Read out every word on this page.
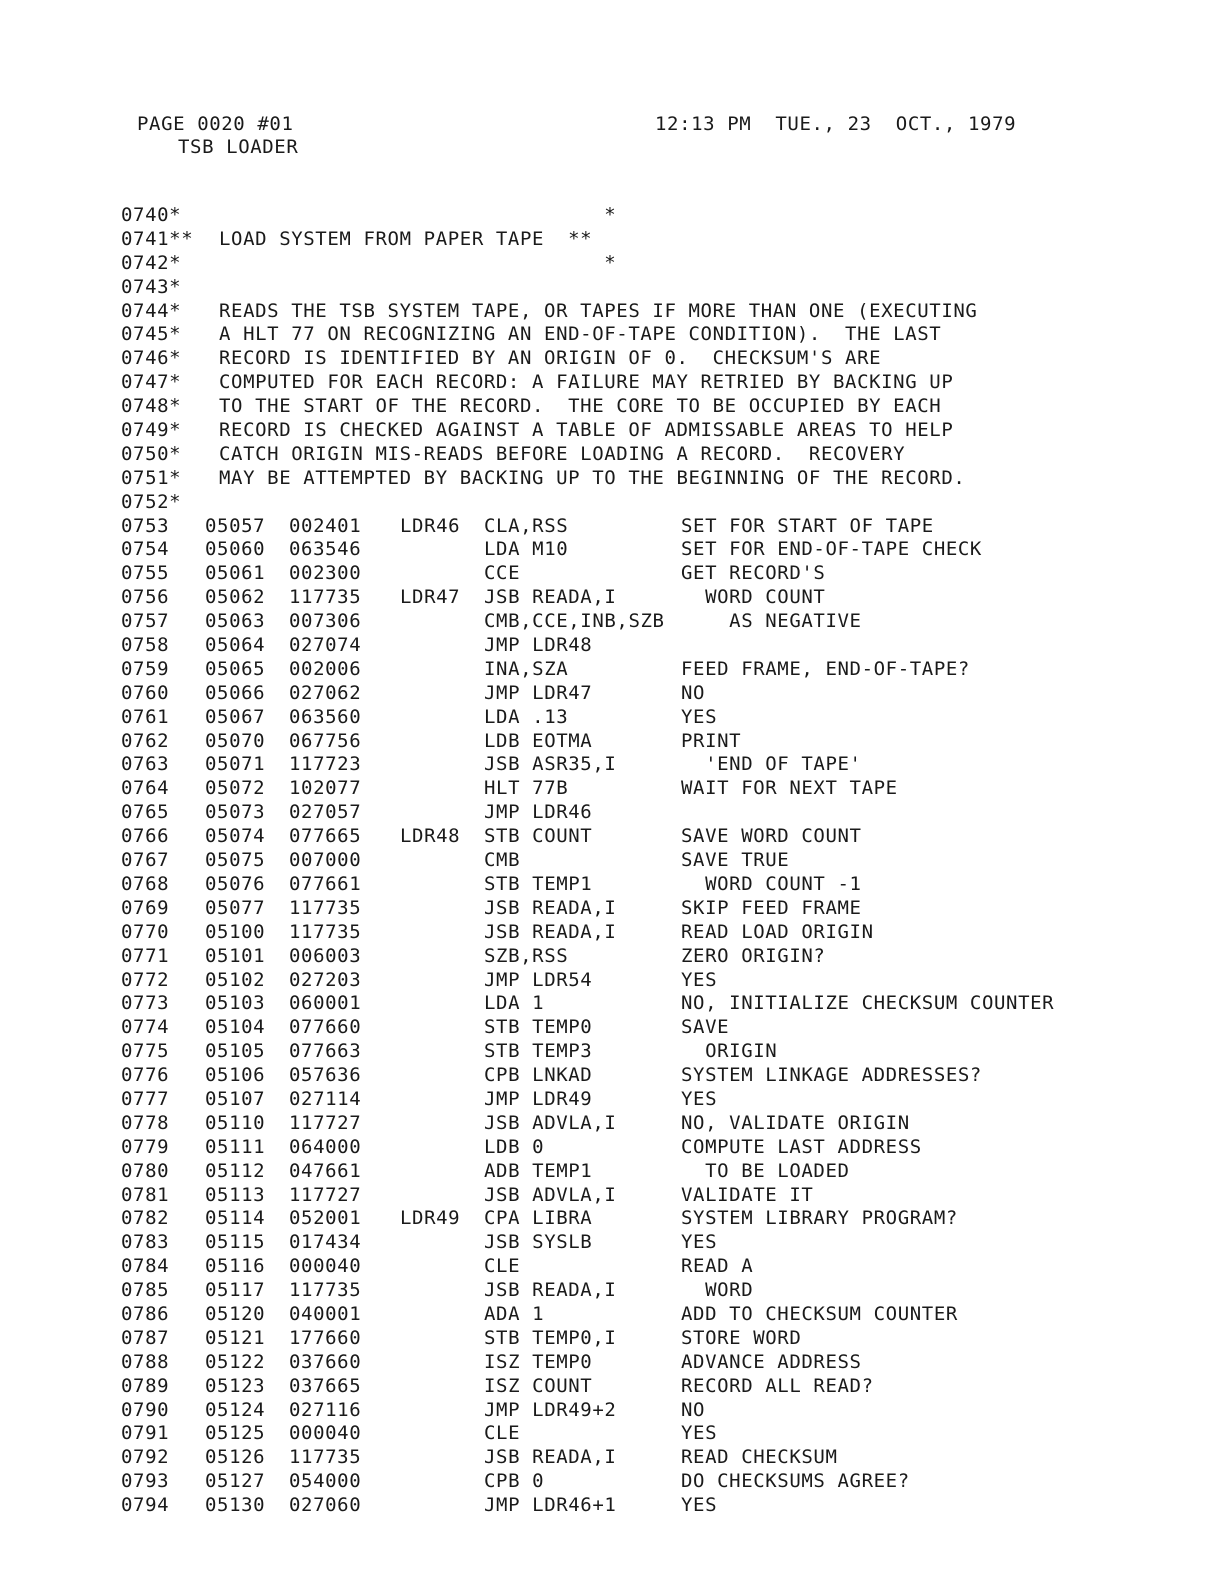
PAGE 0020 #01	12:13 PM  TUE., 23  OCT., 1979
TSB LOADER
0740* *
0741** LOAD SYSTEM FROM PAPER TAPE  **
0742* *
0743*
0744* READS THE TSB SYSTEM TAPE, OR TAPES IF MORE THAN ONE (EXECUTING
0745* A HLT 77 ON RECOGNIZING AN END-OF-TAPE CONDITION).  THE LAST
0746* RECORD IS IDENTIFIED BY AN ORIGIN OF 0.  CHECKSUM'S ARE
0747* COMPUTED FOR EACH RECORD: A FAILURE MAY RETRIED BY BACKING UP
0748* TO THE START OF THE RECORD.  THE CORE TO BE OCCUPIED BY EACH
0749* RECORD IS CHECKED AGAINST A TABLE OF ADMISSABLE AREAS TO HELP
0750* CATCH ORIGIN MIS-READS BEFORE LOADING A RECORD.  RECOVERY
0751* MAY BE ATTEMPTED BY BACKING UP TO THE BEGINNING OF THE RECORD.
0752*
0753 05057 002401 LDR46 CLA,RSS	SET FOR START OF TAPE
0754 05060 063546	LDA M10	SET FOR END-OF-TAPE CHECK
0755 05061 002300	CCE	GET RECORD'S
0756 05062 117735 LDR47 JSB READA,I	WORD COUNT
0757 05063 007306	CMB,CCE,INB,SZB AS NEGATIVE
0758 05064 027074	JMP LDR48
0759 05065 002006	INA,SZA	FEED FRAME, END-OF-TAPE?
0760 05066 027062	JMP LDR47	NO
0761 05067 063560	LDA .13	YES
0762 05070 067756	LDB EOTMA	PRINT
0763 05071 117723	JSB ASR35,I	'END OF TAPE'
0764 05072 102077	HLT 77B	WAIT FOR NEXT TAPE
0765 05073 027057	JMP LDR46
0766 05074 077665 LDR48 STB COUNT	SAVE WORD COUNT
0767 05075 007000	CMB	SAVE TRUE
0768 05076 077661	STB TEMP1	WORD COUNT -1
0769 05077 117735	JSB READA,I	SKIP FEED FRAME
0770 05100 117735	JSB READA,I	READ LOAD ORIGIN
0771 05101 006003	SZB,RSS	ZERO ORIGIN?
0772 05102 027203	JMP LDR54	YES
0773 05103 060001	LDA 1	NO, INITIALIZE CHECKSUM COUNTER
0774 05104 077660	STB TEMP0	SAVE
0775 05105 077663	STB TEMP3	ORIGIN
0776 05106 057636	CPB LNKAD	SYSTEM LINKAGE ADDRESSES?
0777 05107 027114	JMP LDR49	YES
0778 05110 117727	JSB ADVLA,I	NO, VALIDATE ORIGIN
0779 05111 064000	LDB 0	COMPUTE LAST ADDRESS
0780 05112 047661	ADB TEMP1	TO BE LOADED
0781 05113 117727	JSB ADVLA,I	VALIDATE IT
0782 05114 052001 LDR49 CPA LIBRA	SYSTEM LIBRARY PROGRAM?
0783 05115 017434	JSB SYSLB	YES
0784 05116 000040	CLE	READ A
0785 05117 117735	JSB READA,I	WORD
0786 05120 040001	ADA 1	ADD TO CHECKSUM COUNTER
0787 05121 177660	STB TEMP0,I	STORE WORD
0788 05122 037660	ISZ TEMP0	ADVANCE ADDRESS
0789 05123 037665	ISZ COUNT	RECORD ALL READ?
0790 05124 027116	JMP LDR49+2	NO
0791 05125 000040	CLE	YES
0792 05126 117735	JSB READA,I	READ CHECKSUM
0793 05127 054000	CPB 0	DO CHECKSUMS AGREE?
0794 05130 027060	JMP LDR46+1	YES
